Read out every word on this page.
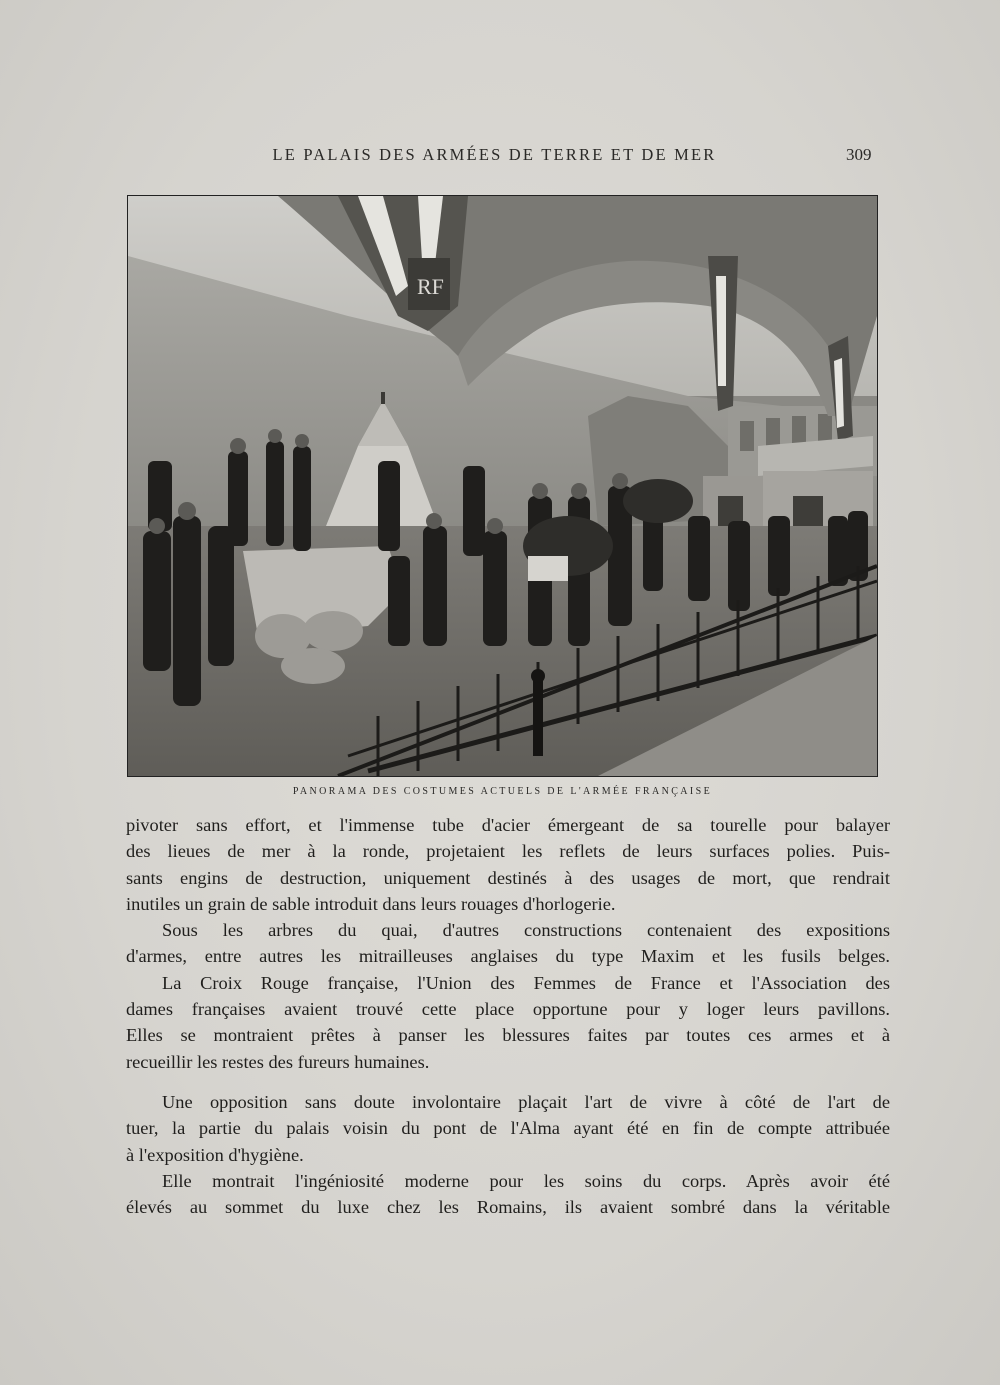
LE PALAIS DES ARMÉES DE TERRE ET DE MER	309
RF
PANORAMA DES COSTUMES ACTUELS DE L'ARMÉE FRANÇAISE
pivoter sans effort, et l'immense tube d'acier émergeant de sa tourelle pour balayer
des lieues de mer à la ronde, projetaient les reflets de leurs surfaces polies. Puis-
sants engins de destruction, uniquement destinés à des usages de mort, que rendrait
inutiles un grain de sable introduit dans leurs rouages d'horlogerie.
Sous les arbres du quai, d'autres constructions contenaient des expositions
d'armes, entre autres les mitrailleuses anglaises du type Maxim et les fusils belges.
La Croix Rouge française, l'Union des Femmes de France et l'Association des
dames françaises avaient trouvé cette place opportune pour y loger leurs pavillons.
Elles se montraient prêtes à panser les blessures faites par toutes ces armes et à
recueillir les restes des fureurs humaines.
Une opposition sans doute involontaire plaçait l'art de vivre à côté de l'art de
tuer, la partie du palais voisin du pont de l'Alma ayant été en fin de compte attribuée
à l'exposition d'hygiène.
Elle montrait l'ingéniosité moderne pour les soins du corps. Après avoir été
élevés au sommet du luxe chez les Romains, ils avaient sombré dans la véritable
